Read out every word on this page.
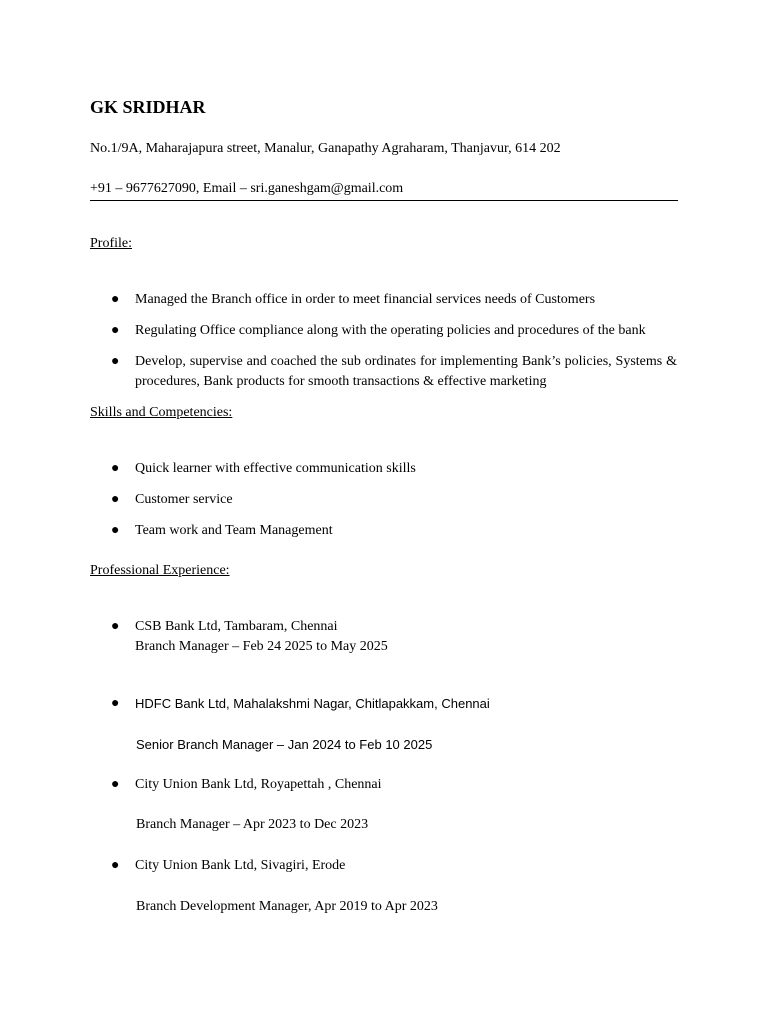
GK SRIDHAR
No.1/9A, Maharajapura street, Manalur, Ganapathy Agraharam, Thanjavur, 614 202
+91 – 9677627090, Email – sri.ganeshgam@gmail.com
Profile:
● Managed the Branch office in order to meet financial services needs of Customers
● Regulating Office compliance along with the operating policies and procedures of the bank
● Develop, supervise and coached the sub ordinates for implementing Bank’s policies, Systems & procedures, Bank products for smooth transactions & effective marketing
Skills and Competencies:
● Quick learner with effective communication skills
● Customer service
● Team work and Team Management
Professional Experience:
● CSB Bank Ltd, Tambaram, Chennai
Branch Manager – Feb 24 2025 to May 2025
● HDFC Bank Ltd, Mahalakshmi Nagar, Chitlapakkam, Chennai
Senior Branch Manager – Jan 2024 to Feb 10 2025
● City Union Bank Ltd, Royapettah , Chennai
Branch Manager – Apr 2023 to Dec 2023
● City Union Bank Ltd, Sivagiri, Erode
Branch Development Manager, Apr 2019 to Apr 2023
